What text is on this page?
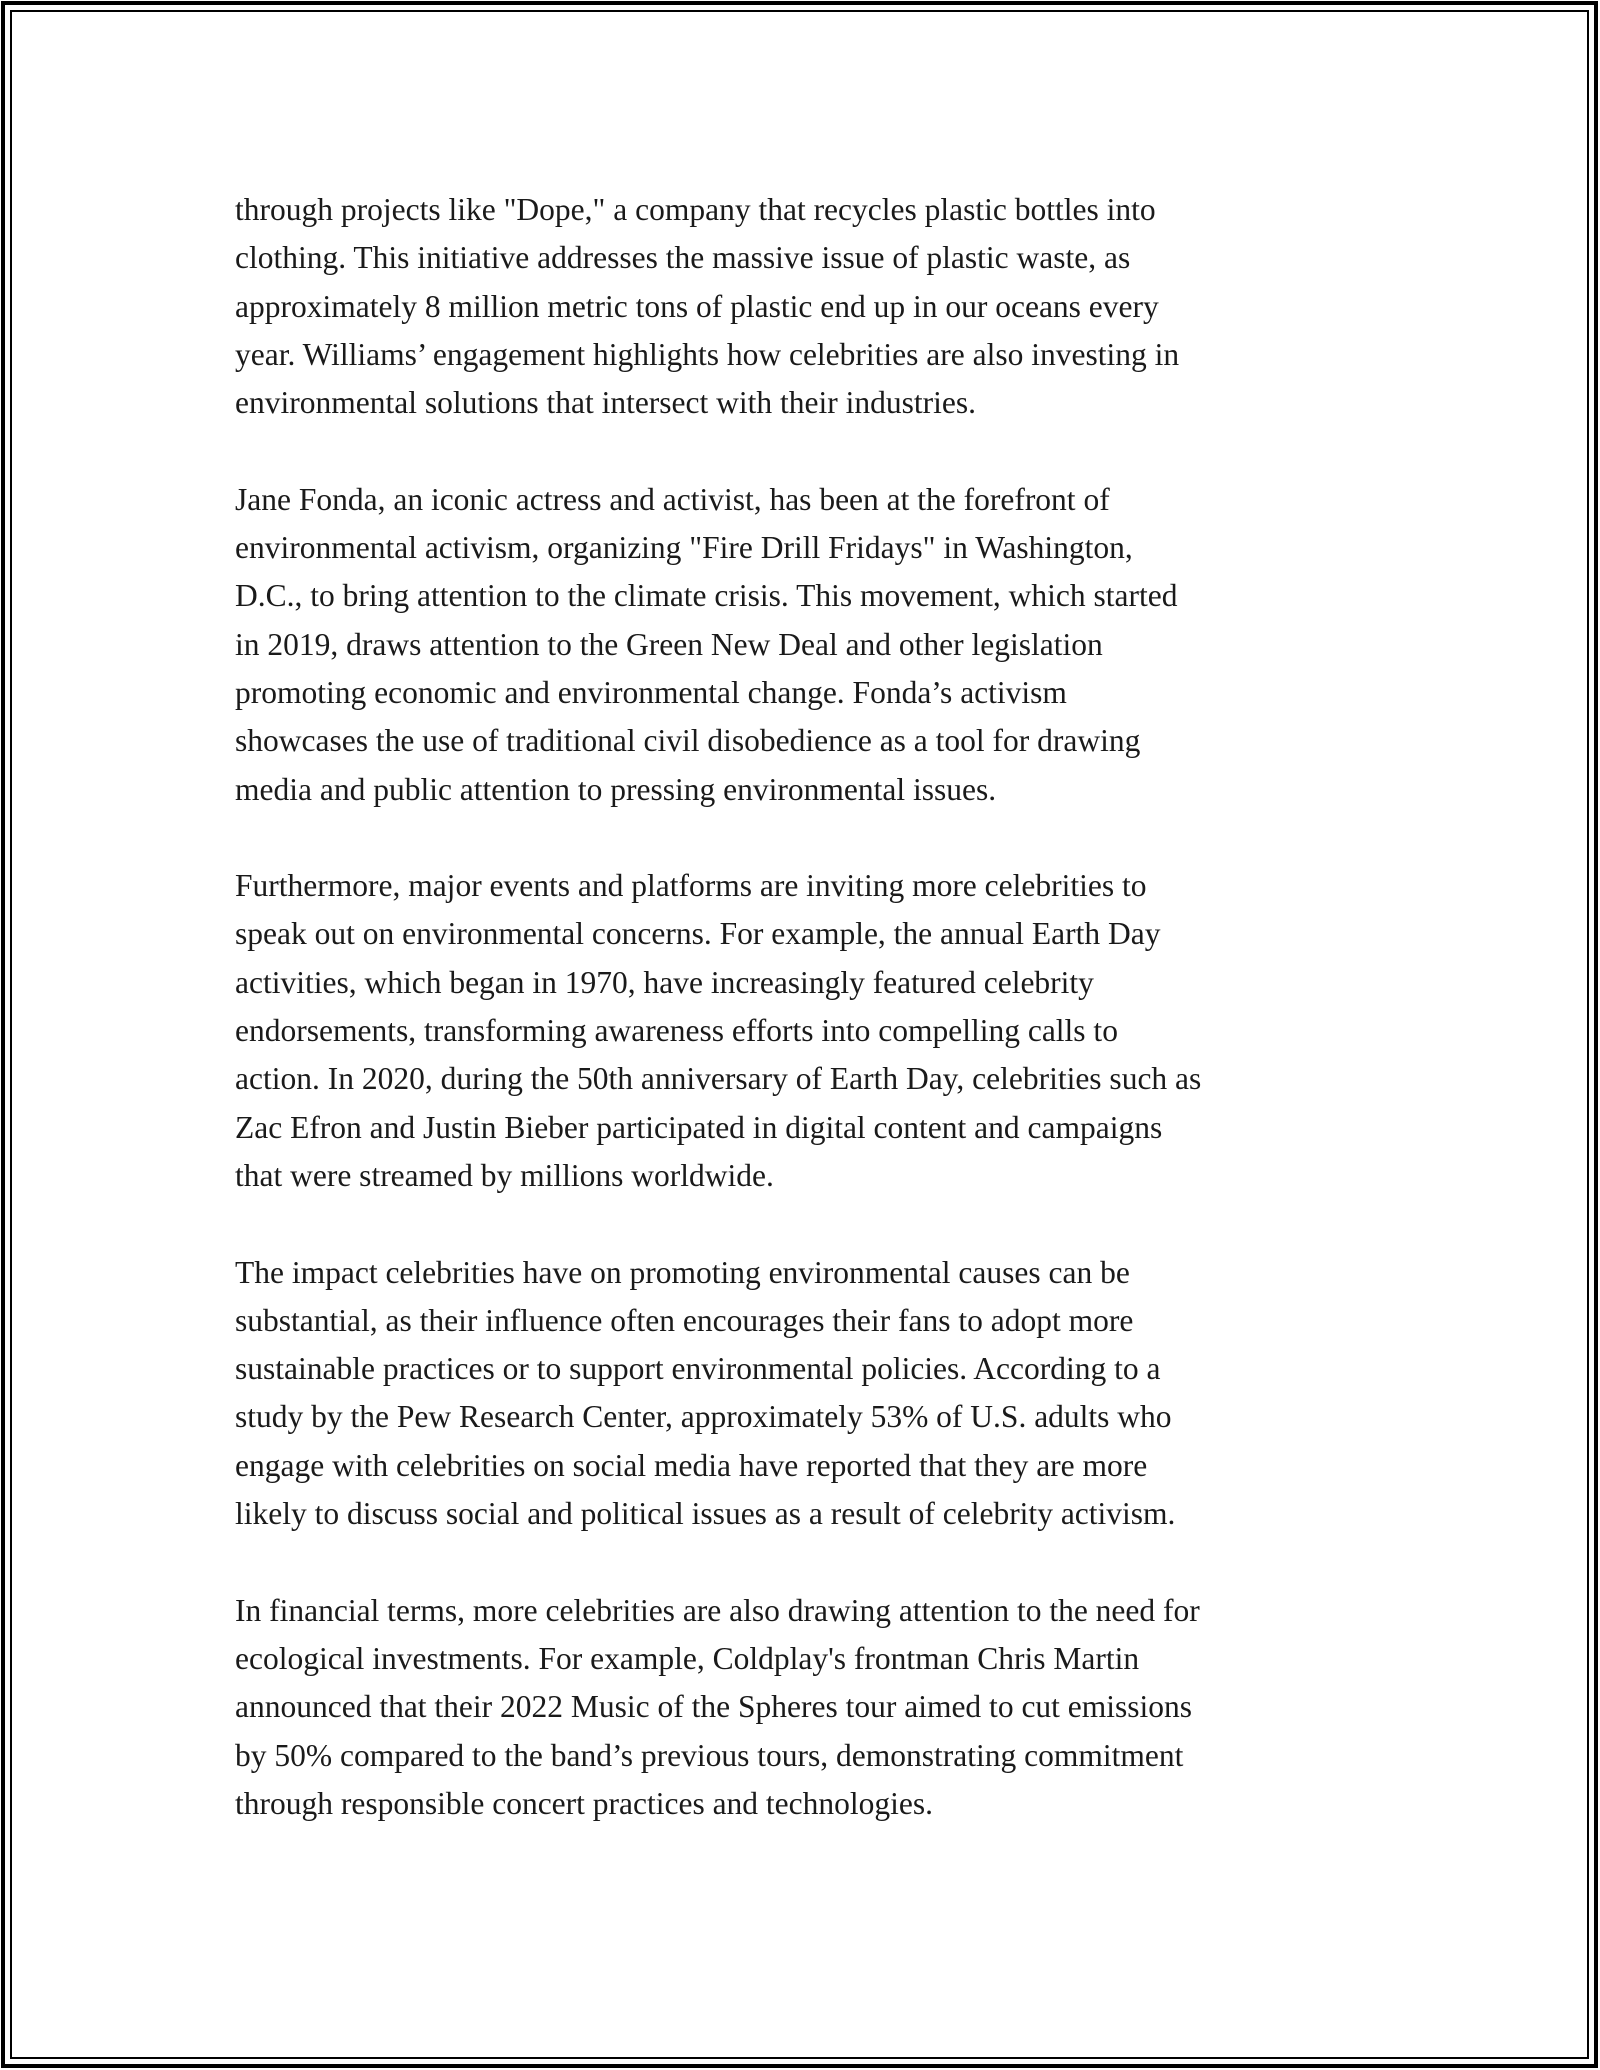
through projects like "Dope," a company that recycles plastic bottles into
clothing. This initiative addresses the massive issue of plastic waste, as
approximately 8 million metric tons of plastic end up in our oceans every
year. Williams’ engagement highlights how celebrities are also investing in
environmental solutions that intersect with their industries.

Jane Fonda, an iconic actress and activist, has been at the forefront of
environmental activism, organizing "Fire Drill Fridays" in Washington,
D.C., to bring attention to the climate crisis. This movement, which started
in 2019, draws attention to the Green New Deal and other legislation
promoting economic and environmental change. Fonda’s activism
showcases the use of traditional civil disobedience as a tool for drawing
media and public attention to pressing environmental issues.

Furthermore, major events and platforms are inviting more celebrities to
speak out on environmental concerns. For example, the annual Earth Day
activities, which began in 1970, have increasingly featured celebrity
endorsements, transforming awareness efforts into compelling calls to
action. In 2020, during the 50th anniversary of Earth Day, celebrities such as
Zac Efron and Justin Bieber participated in digital content and campaigns
that were streamed by millions worldwide.

The impact celebrities have on promoting environmental causes can be
substantial, as their influence often encourages their fans to adopt more
sustainable practices or to support environmental policies. According to a
study by the Pew Research Center, approximately 53% of U.S. adults who
engage with celebrities on social media have reported that they are more
likely to discuss social and political issues as a result of celebrity activism.

In financial terms, more celebrities are also drawing attention to the need for
ecological investments. For example, Coldplay's frontman Chris Martin
announced that their 2022 Music of the Spheres tour aimed to cut emissions
by 50% compared to the band’s previous tours, demonstrating commitment
through responsible concert practices and technologies.
